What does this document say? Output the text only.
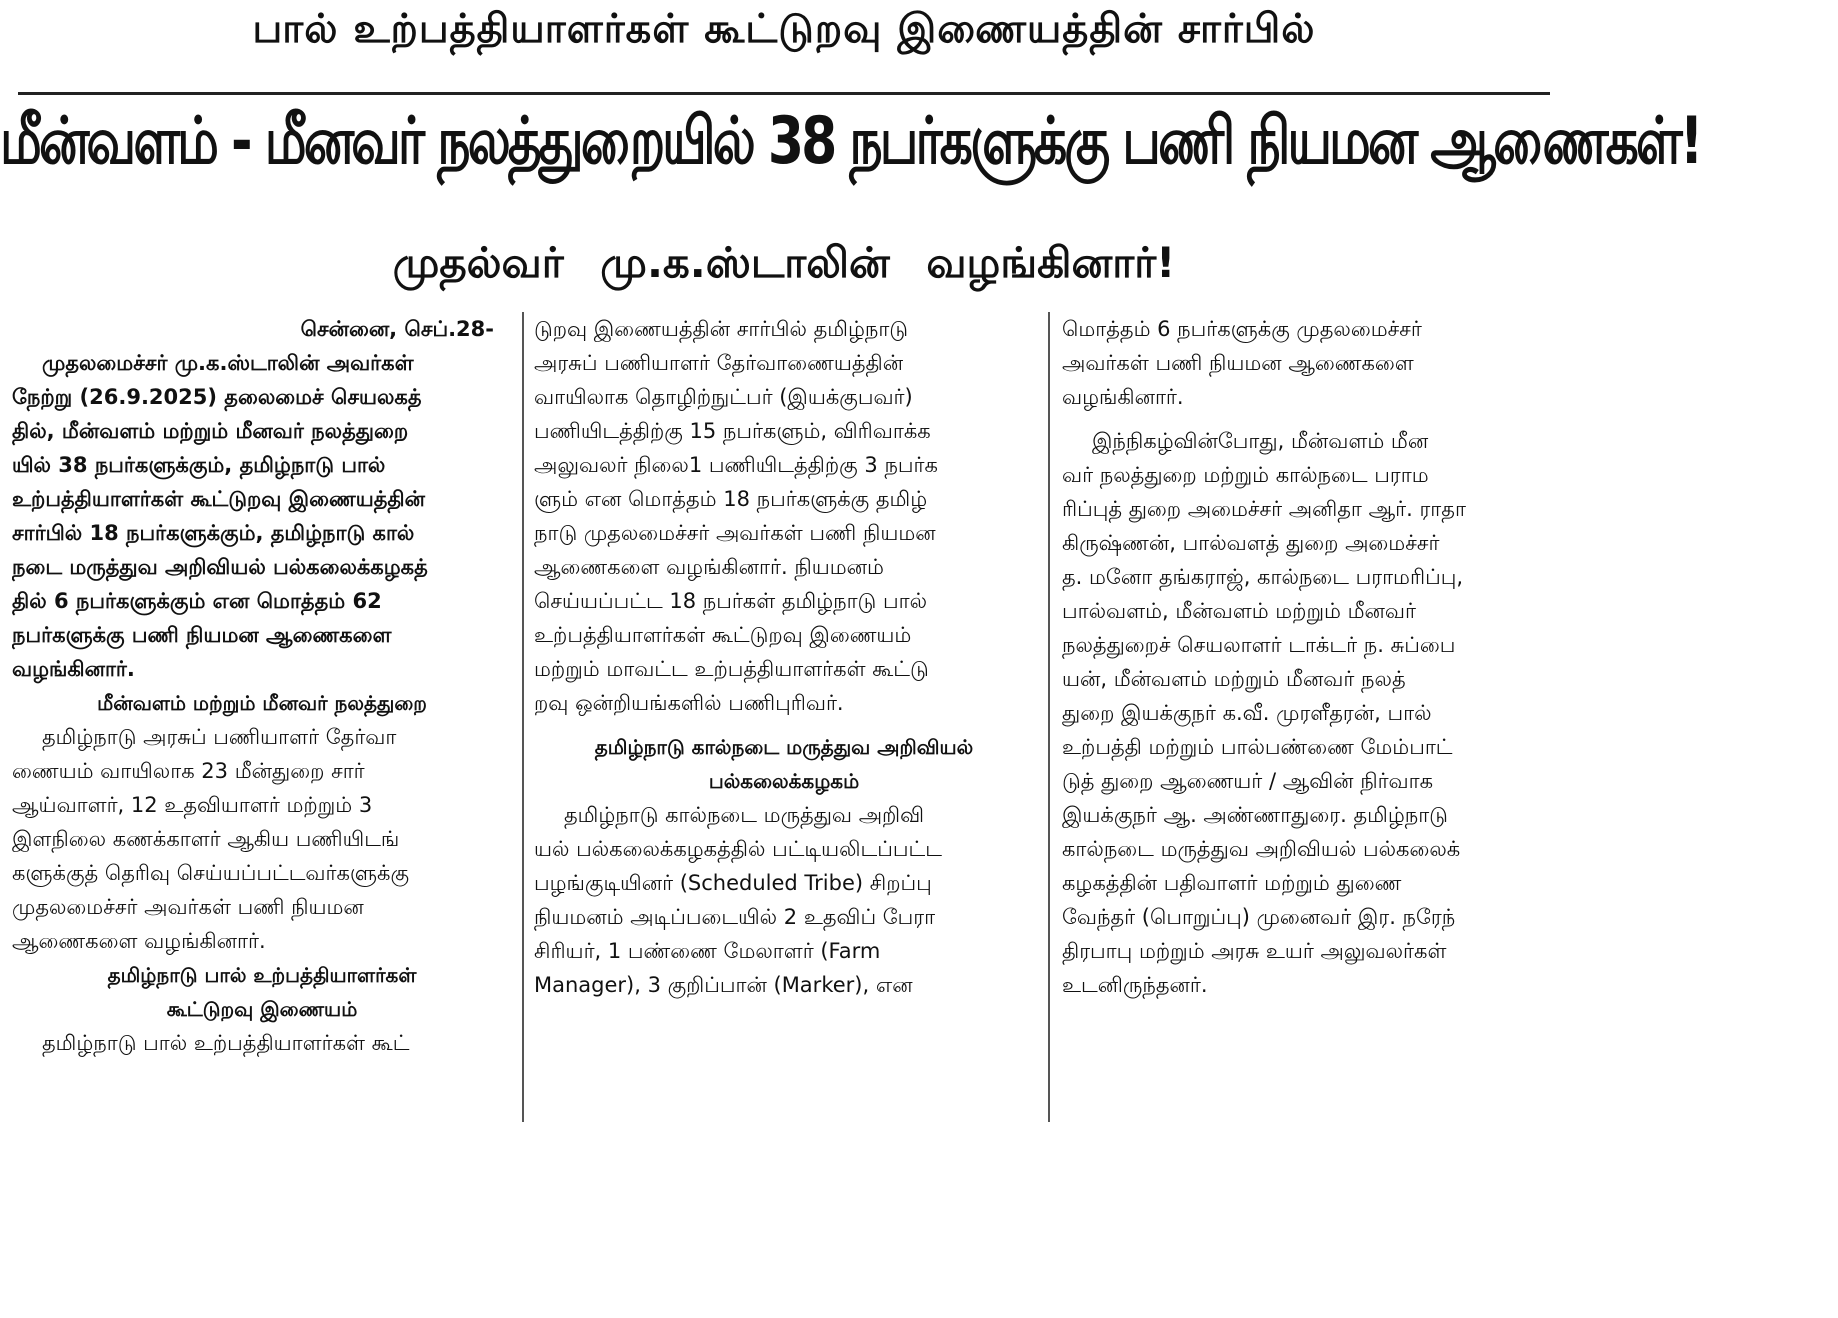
பால் உற்பத்தியாளர்கள் கூட்டுறவு இணையத்தின் சார்பில்
மீன்வளம் - மீனவர் நலத்துறையில் 38 நபர்களுக்கு பணி நியமன ஆணைகள்!
முதல்வர் மு.க.ஸ்டாலின் வழங்கினார்!
சென்னை, செப்.28-
முதலமைச்சர் மு.க.ஸ்டாலின் அவர்கள்
நேற்று (26.9.2025) தலைமைச் செயலகத்
தில், மீன்வளம் மற்றும் மீனவர் நலத்துறை
யில் 38 நபர்களுக்கும், தமிழ்நாடு பால்
உற்பத்தியாளர்கள் கூட்டுறவு இணையத்தின்
சார்பில் 18 நபர்களுக்கும், தமிழ்நாடு கால்
நடை மருத்துவ அறிவியல் பல்கலைக்கழகத்
தில் 6 நபர்களுக்கும் என மொத்தம் 62
நபர்களுக்கு பணி நியமன ஆணைகளை
வழங்கினார்.
மீன்வளம் மற்றும் மீனவர் நலத்துறை
தமிழ்நாடு அரசுப் பணியாளர் தேர்வா
ணையம் வாயிலாக 23 மீன்துறை சார்
ஆய்வாளர், 12 உதவியாளர் மற்றும் 3
இளநிலை கணக்காளர் ஆகிய பணியிடங்
களுக்குத் தெரிவு செய்யப்பட்டவர்களுக்கு
முதலமைச்சர் அவர்கள் பணி நியமன
ஆணைகளை வழங்கினார்.
தமிழ்நாடு பால் உற்பத்தியாளர்கள்
கூட்டுறவு இணையம்
தமிழ்நாடு பால் உற்பத்தியாளர்கள் கூட்
டுறவு இணையத்தின் சார்பில் தமிழ்நாடு
அரசுப் பணியாளர் தேர்வாணையத்தின்
வாயிலாக தொழிற்நுட்பர் (இயக்குபவர்)
பணியிடத்திற்கு 15 நபர்களும், விரிவாக்க
அலுவலர் நிலை1 பணியிடத்திற்கு 3 நபர்க
ளும் என மொத்தம் 18 நபர்களுக்கு தமிழ்
நாடு முதலமைச்சர் அவர்கள் பணி நியமன
ஆணைகளை வழங்கினார். நியமனம்
செய்யப்பட்ட 18 நபர்கள் தமிழ்நாடு பால்
உற்பத்தியாளர்கள் கூட்டுறவு இணையம்
மற்றும் மாவட்ட உற்பத்தியாளர்கள் கூட்டு
றவு ஒன்றியங்களில் பணிபுரிவர்.
தமிழ்நாடு கால்நடை மருத்துவ அறிவியல்
பல்கலைக்கழகம்
தமிழ்நாடு கால்நடை மருத்துவ அறிவி
யல் பல்கலைக்கழகத்தில் பட்டியலிடப்பட்ட
பழங்குடியினர் (Scheduled Tribe) சிறப்பு
நியமனம் அடிப்படையில் 2 உதவிப் பேரா
சிரியர், 1 பண்ணை மேலாளர் (Farm
Manager), 3 குறிப்பான் (Marker), என
மொத்தம் 6 நபர்களுக்கு முதலமைச்சர்
அவர்கள் பணி நியமன ஆணைகளை
வழங்கினார்.
இந்நிகழ்வின்போது, மீன்வளம் மீன
வர் நலத்துறை மற்றும் கால்நடை பராம
ரிப்புத் துறை அமைச்சர் அனிதா ஆர். ராதா
கிருஷ்ணன், பால்வளத் துறை அமைச்சர்
த. மனோ தங்கராஜ், கால்நடை பராமரிப்பு,
பால்வளம், மீன்வளம் மற்றும் மீனவர்
நலத்துறைச் செயலாளர் டாக்டர் ந. சுப்பை
யன், மீன்வளம் மற்றும் மீனவர் நலத்
துறை இயக்குநர் க.வீ. முரளீதரன், பால்
உற்பத்தி மற்றும் பால்பண்ணை மேம்பாட்
டுத் துறை ஆணையர் / ஆவின் நிர்வாக
இயக்குநர் ஆ. அண்ணாதுரை. தமிழ்நாடு
கால்நடை மருத்துவ அறிவியல் பல்கலைக்
கழகத்தின் பதிவாளர் மற்றும் துணை
வேந்தர் (பொறுப்பு) முனைவர் இர. நரேந்
திரபாபு மற்றும் அரசு உயர் அலுவலர்கள்
உடனிருந்தனர்.
